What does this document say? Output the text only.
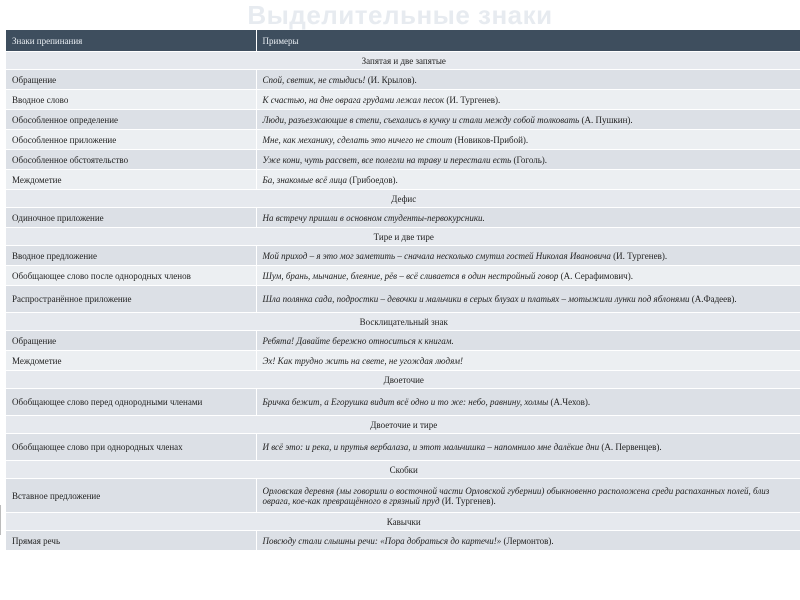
Выделительные знаки
Знаки препинания	Примеры
Запятая и две запятые	
Обращение	Спой, светик, не стыдись! (И. Крылов).
Вводное слово	К счастью, на дне оврага грудами лежал песок (И. Тургенев).
Обособленное определение	Люди, разъезжающие в степи, съехались в кучку и стали между собой толковать (А. Пушкин).
Обособленное приложение	Мне, как механику, сделать это ничего не стоит (Новиков-Прибой).
Обособленное обстоятельство	Уже кони, чуть рассвет, все полегли на траву и перестали есть (Гоголь).
Междометие	Ба, знакомые всё лица (Грибоедов).
Дефис	
Одиночное приложение	На встречу пришли в основном студенты-первокурсники.
Тире и две тире	
Вводное предложение	Мой приход – я это мог заметить – сначала несколько смутил гостей Николая Ивановича (И. Тургенев).
Обобщающее слово после однородных членов	Шум, брань, мычание, блеяние, рёв – всё сливается в один нестройный говор (А. Серафимович).
Распространённое приложение	Шла полянка сада, подростки – девочки и мальчики в серых блузах и платьях – мотыжили лунки под яблонями (А.Фадеев).
Восклицательный знак	
Обращение	Ребята! Давайте бережно относиться к книгам.
Междометие	Эх! Как трудно жить на свете, не угождая людям!
Двоеточие	
Обобщающее слово перед однородными членами	Бричка бежит, а Егорушка видит всё одно и то же: небо, равнину, холмы (А.Чехов).
Двоеточие и тире	
Обобщающее слово при однородных членах	И всё это: и река, и прутья вербалаза, и этот мальчишка – напомнило мне далёкие дни (А. Первенцев).
Скобки	
Вставное предложение	Орловская деревня (мы говорили о восточной части Орловской губернии) обыкновенно расположена среди распаханных полей, близ оврага, кое-как превращённого в грязный пруд (И. Тургенев).
Кавычки	
Прямая речь	Повсюду стали слышны речи: «Пора добраться до картечи!» (Лермонтов).
